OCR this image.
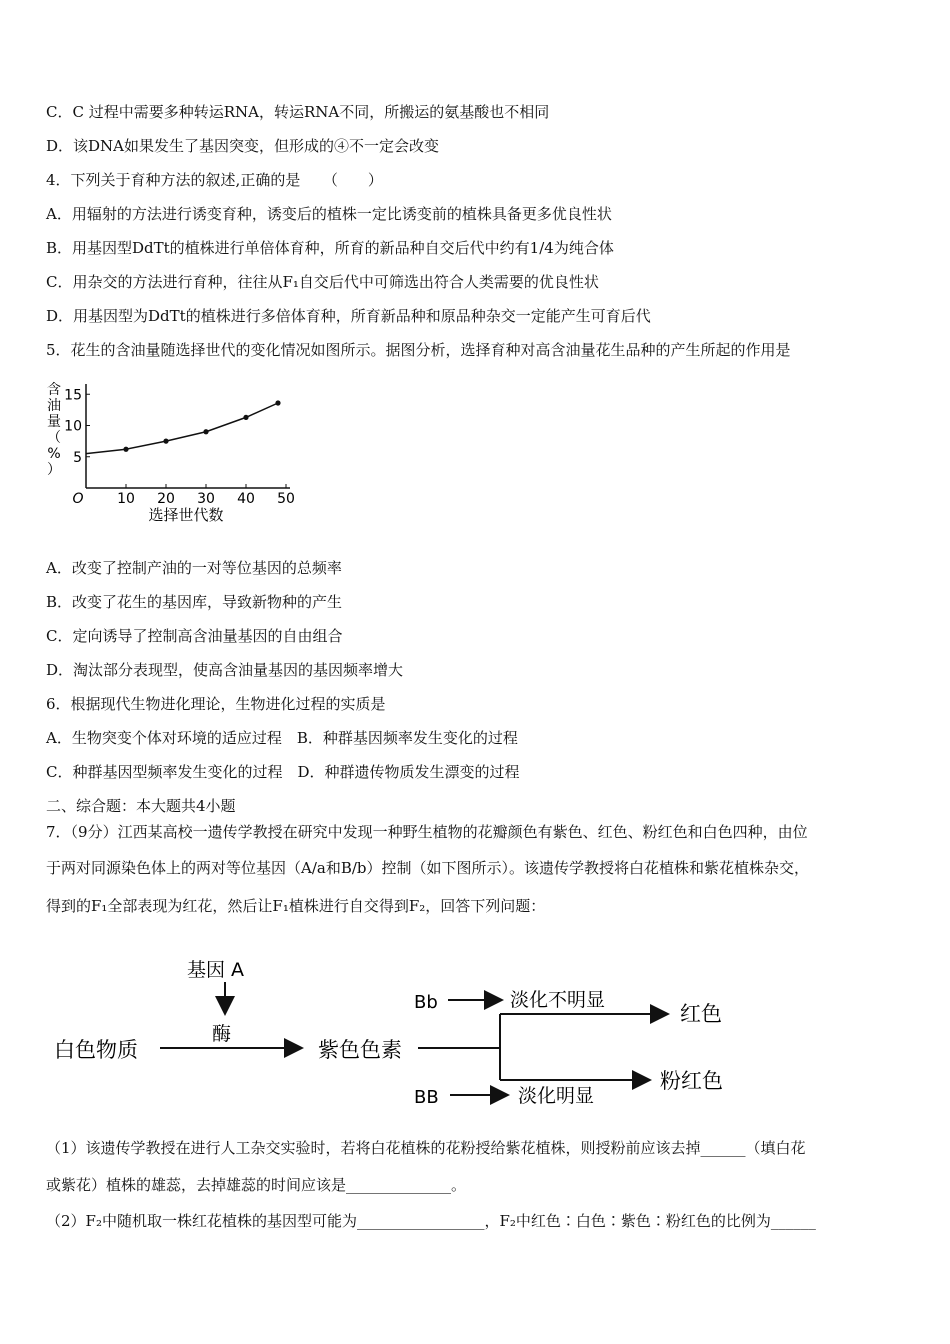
C．C 过程中需要多种转运RNA，转运RNA不同，所搬运的氨基酸也不相同
D．该DNA如果发生了基因突变，但形成的④不一定会改变
4．下列关于育种方法的叙述,正确的是　　（　　）
A．用辐射的方法进行诱变育种，诱变后的植株一定比诱变前的植株具备更多优良性状
B．用基因型DdTt的植株进行单倍体育种，所育的新品种自交后代中约有1/4为纯合体
C．用杂交的方法进行育种，往往从F₁自交后代中可筛选出符合人类需要的优良性状
D．用基因型为DdTt的植株进行多倍体育种，所育新品种和原品种杂交一定能产生可育后代
5．花生的含油量随选择世代的变化情况如图所示。据图分析，选择育种对高含油量花生品种的产生所起的作用是
5
10
15
O 10 20 30 40 50
选择世代数
含
油
量
（
%
）
A．改变了控制产油的一对等位基因的总频率
B．改变了花生的基因库，导致新物种的产生
C．定向诱导了控制高含油量基因的自由组合
D．淘汰部分表现型，使高含油量基因的基因频率增大
6．根据现代生物进化理论，生物进化过程的实质是
A．生物突变个体对环境的适应过程　B．种群基因频率发生变化的过程
C．种群基因型频率发生变化的过程　D．种群遗传物质发生漂变的过程
二、综合题：本大题共4小题
7．（9分）江西某高校一遗传学教授在研究中发现一种野生植物的花瓣颜色有紫色、红色、粉红色和白色四种，由位
于两对同源染色体上的两对等位基因（A/a和B/b）控制（如下图所示）。该遗传学教授将白花植株和紫花植株杂交，
得到的F₁全部表现为红花，然后让F₁植株进行自交得到F₂，回答下列问题：
基因 A
酶
白色物质	紫色色素
Bb	淡化不明显
红色
BB	淡化明显
粉红色
（1）该遗传学教授在进行人工杂交实验时，若将白花植株的花粉授给紫花植株，则授粉前应该去掉______（填白花
或紫花）植株的雄蕊，去掉雄蕊的时间应该是______________。
（2）F₂中随机取一株红花植株的基因型可能为_________________，F₂中红色∶白色∶紫色∶粉红色的比例为______
